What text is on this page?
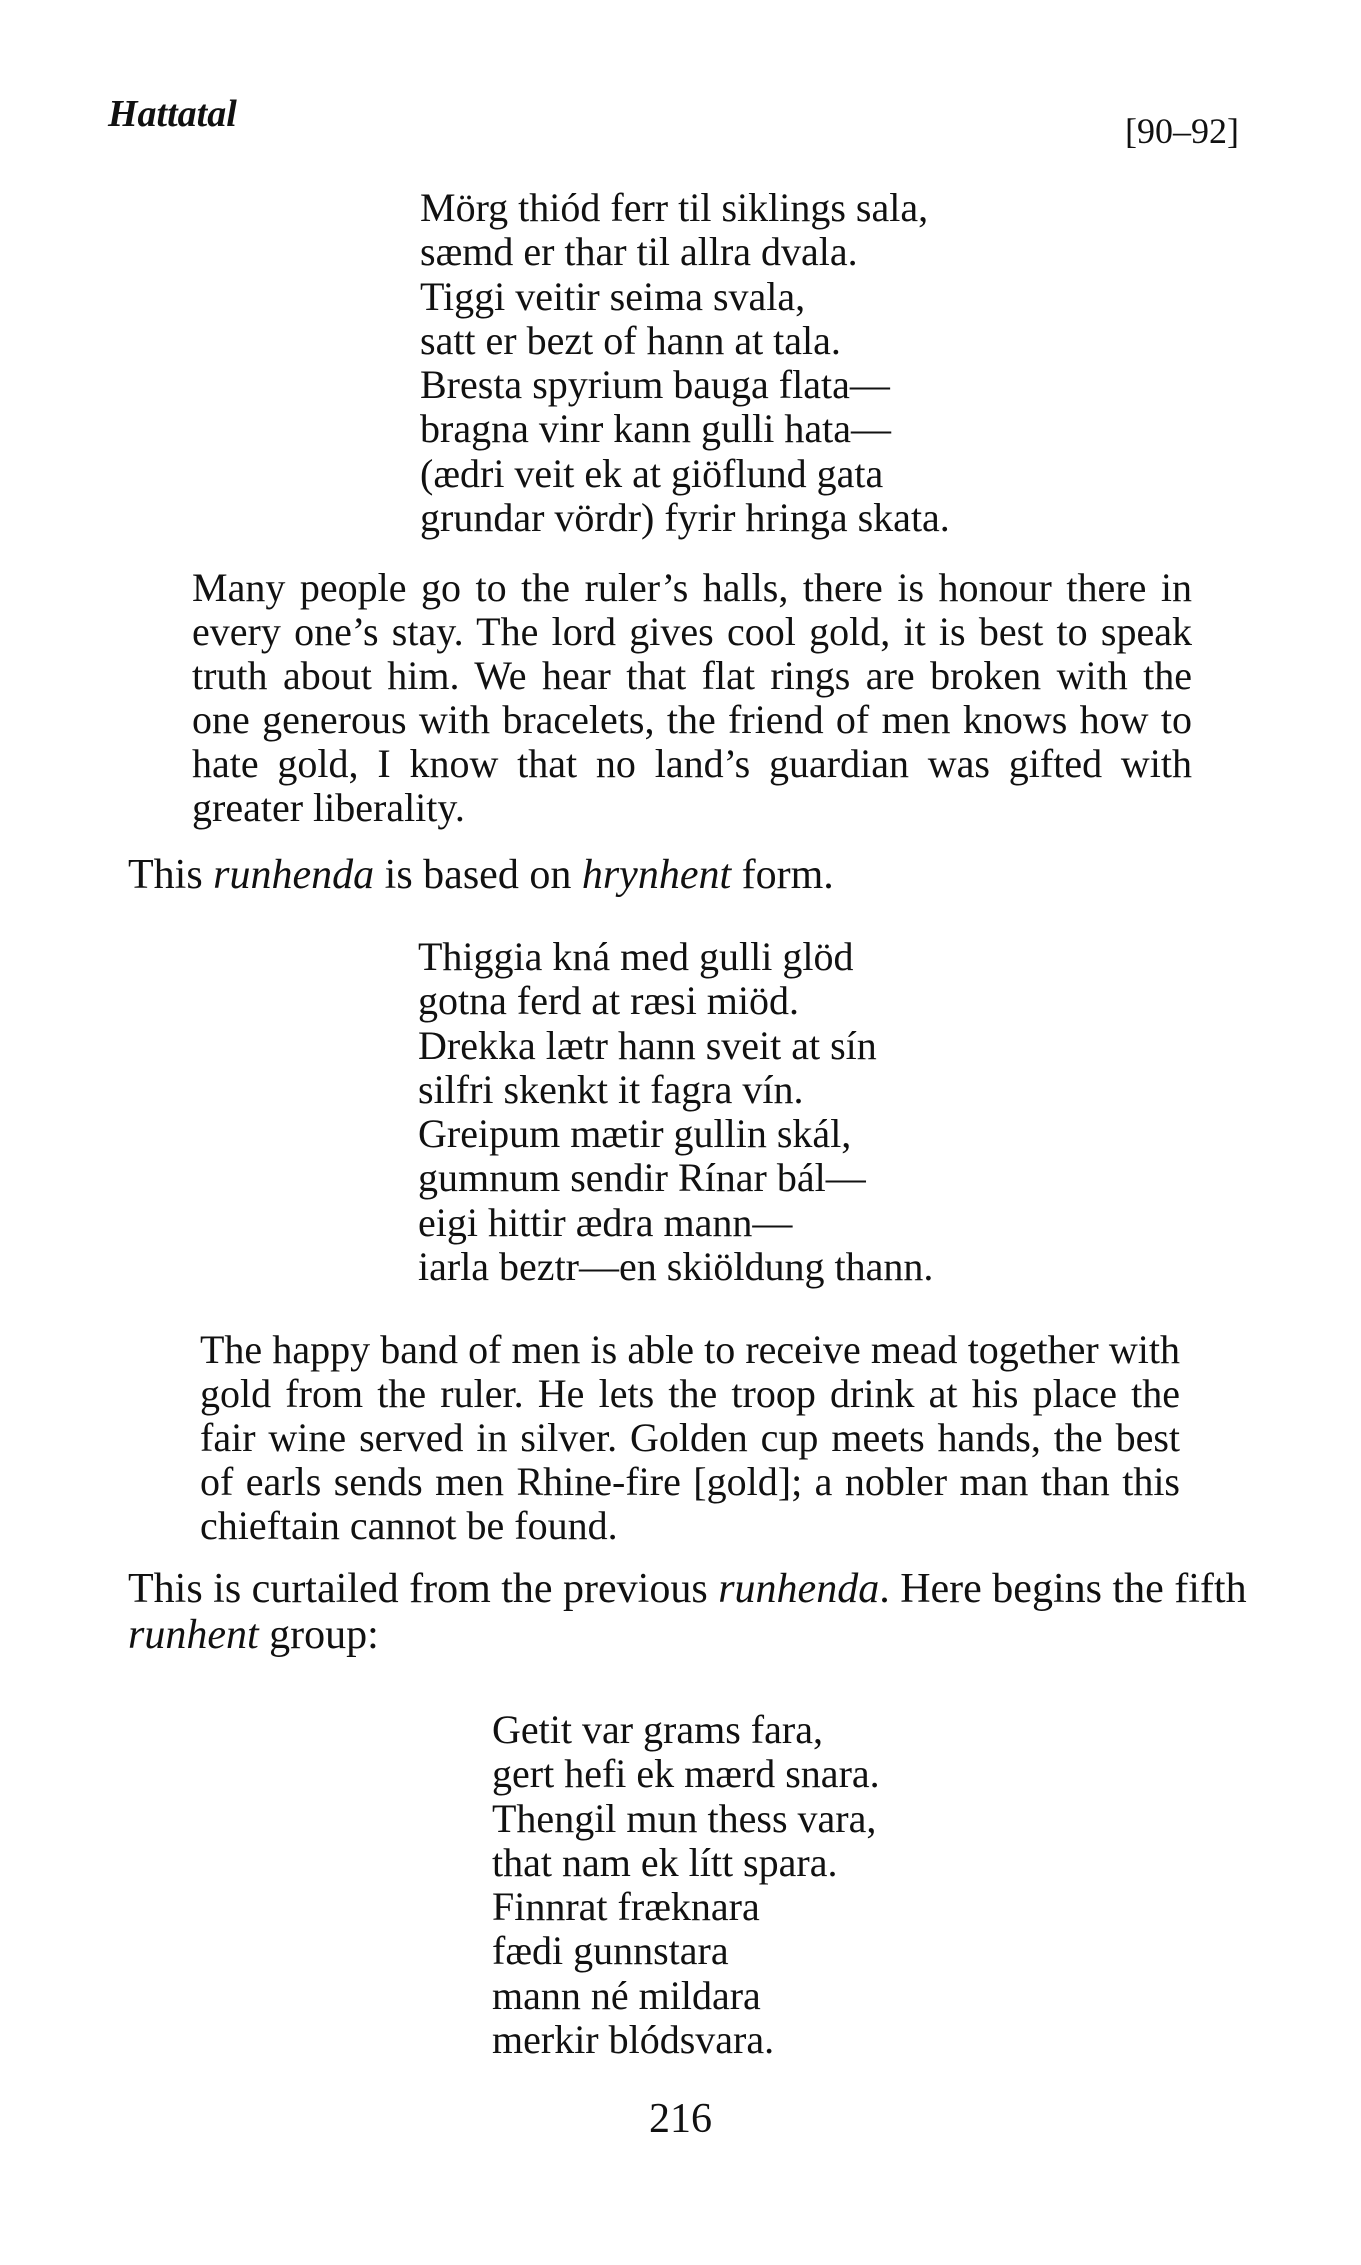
Hattatal	[90–92]
Mörg thiód ferr til siklings sala,
sæmd er thar til allra dvala.
Tiggi veitir seima svala,
satt er bezt of hann at tala.
Bresta spyrium bauga flata—
bragna vinr kann gulli hata—
(ædri veit ek at giöflund gata
grundar vördr) fyrir hringa skata.
Many people go to the ruler’s halls, there is honour there in every one’s stay. The lord gives cool gold, it is best to speak truth about him. We hear that flat rings are broken with the one generous with bracelets, the friend of men knows how to hate gold, I know that no land’s guardian was gifted with greater liberality.
This runhenda is based on hrynhent form.
Thiggia kná med gulli glöd
gotna ferd at ræsi miöd.
Drekka lætr hann sveit at sín
silfri skenkt it fagra vín.
Greipum mætir gullin skál,
gumnum sendir Rínar bál—
eigi hittir ædra mann—
iarla beztr—en skiöldung thann.
The happy band of men is able to receive mead together with gold from the ruler. He lets the troop drink at his place the fair wine served in silver. Golden cup meets hands, the best of earls sends men Rhine-fire [gold]; a nobler man than this chieftain cannot be found.
This is curtailed from the previous runhenda. Here begins the fifth runhent group:
Getit var grams fara,
gert hefi ek mærd snara.
Thengil mun thess vara,
that nam ek lítt spara.
Finnrat fræknara
fædi gunnstara
mann né mildara
merkir blódsvara.
216
